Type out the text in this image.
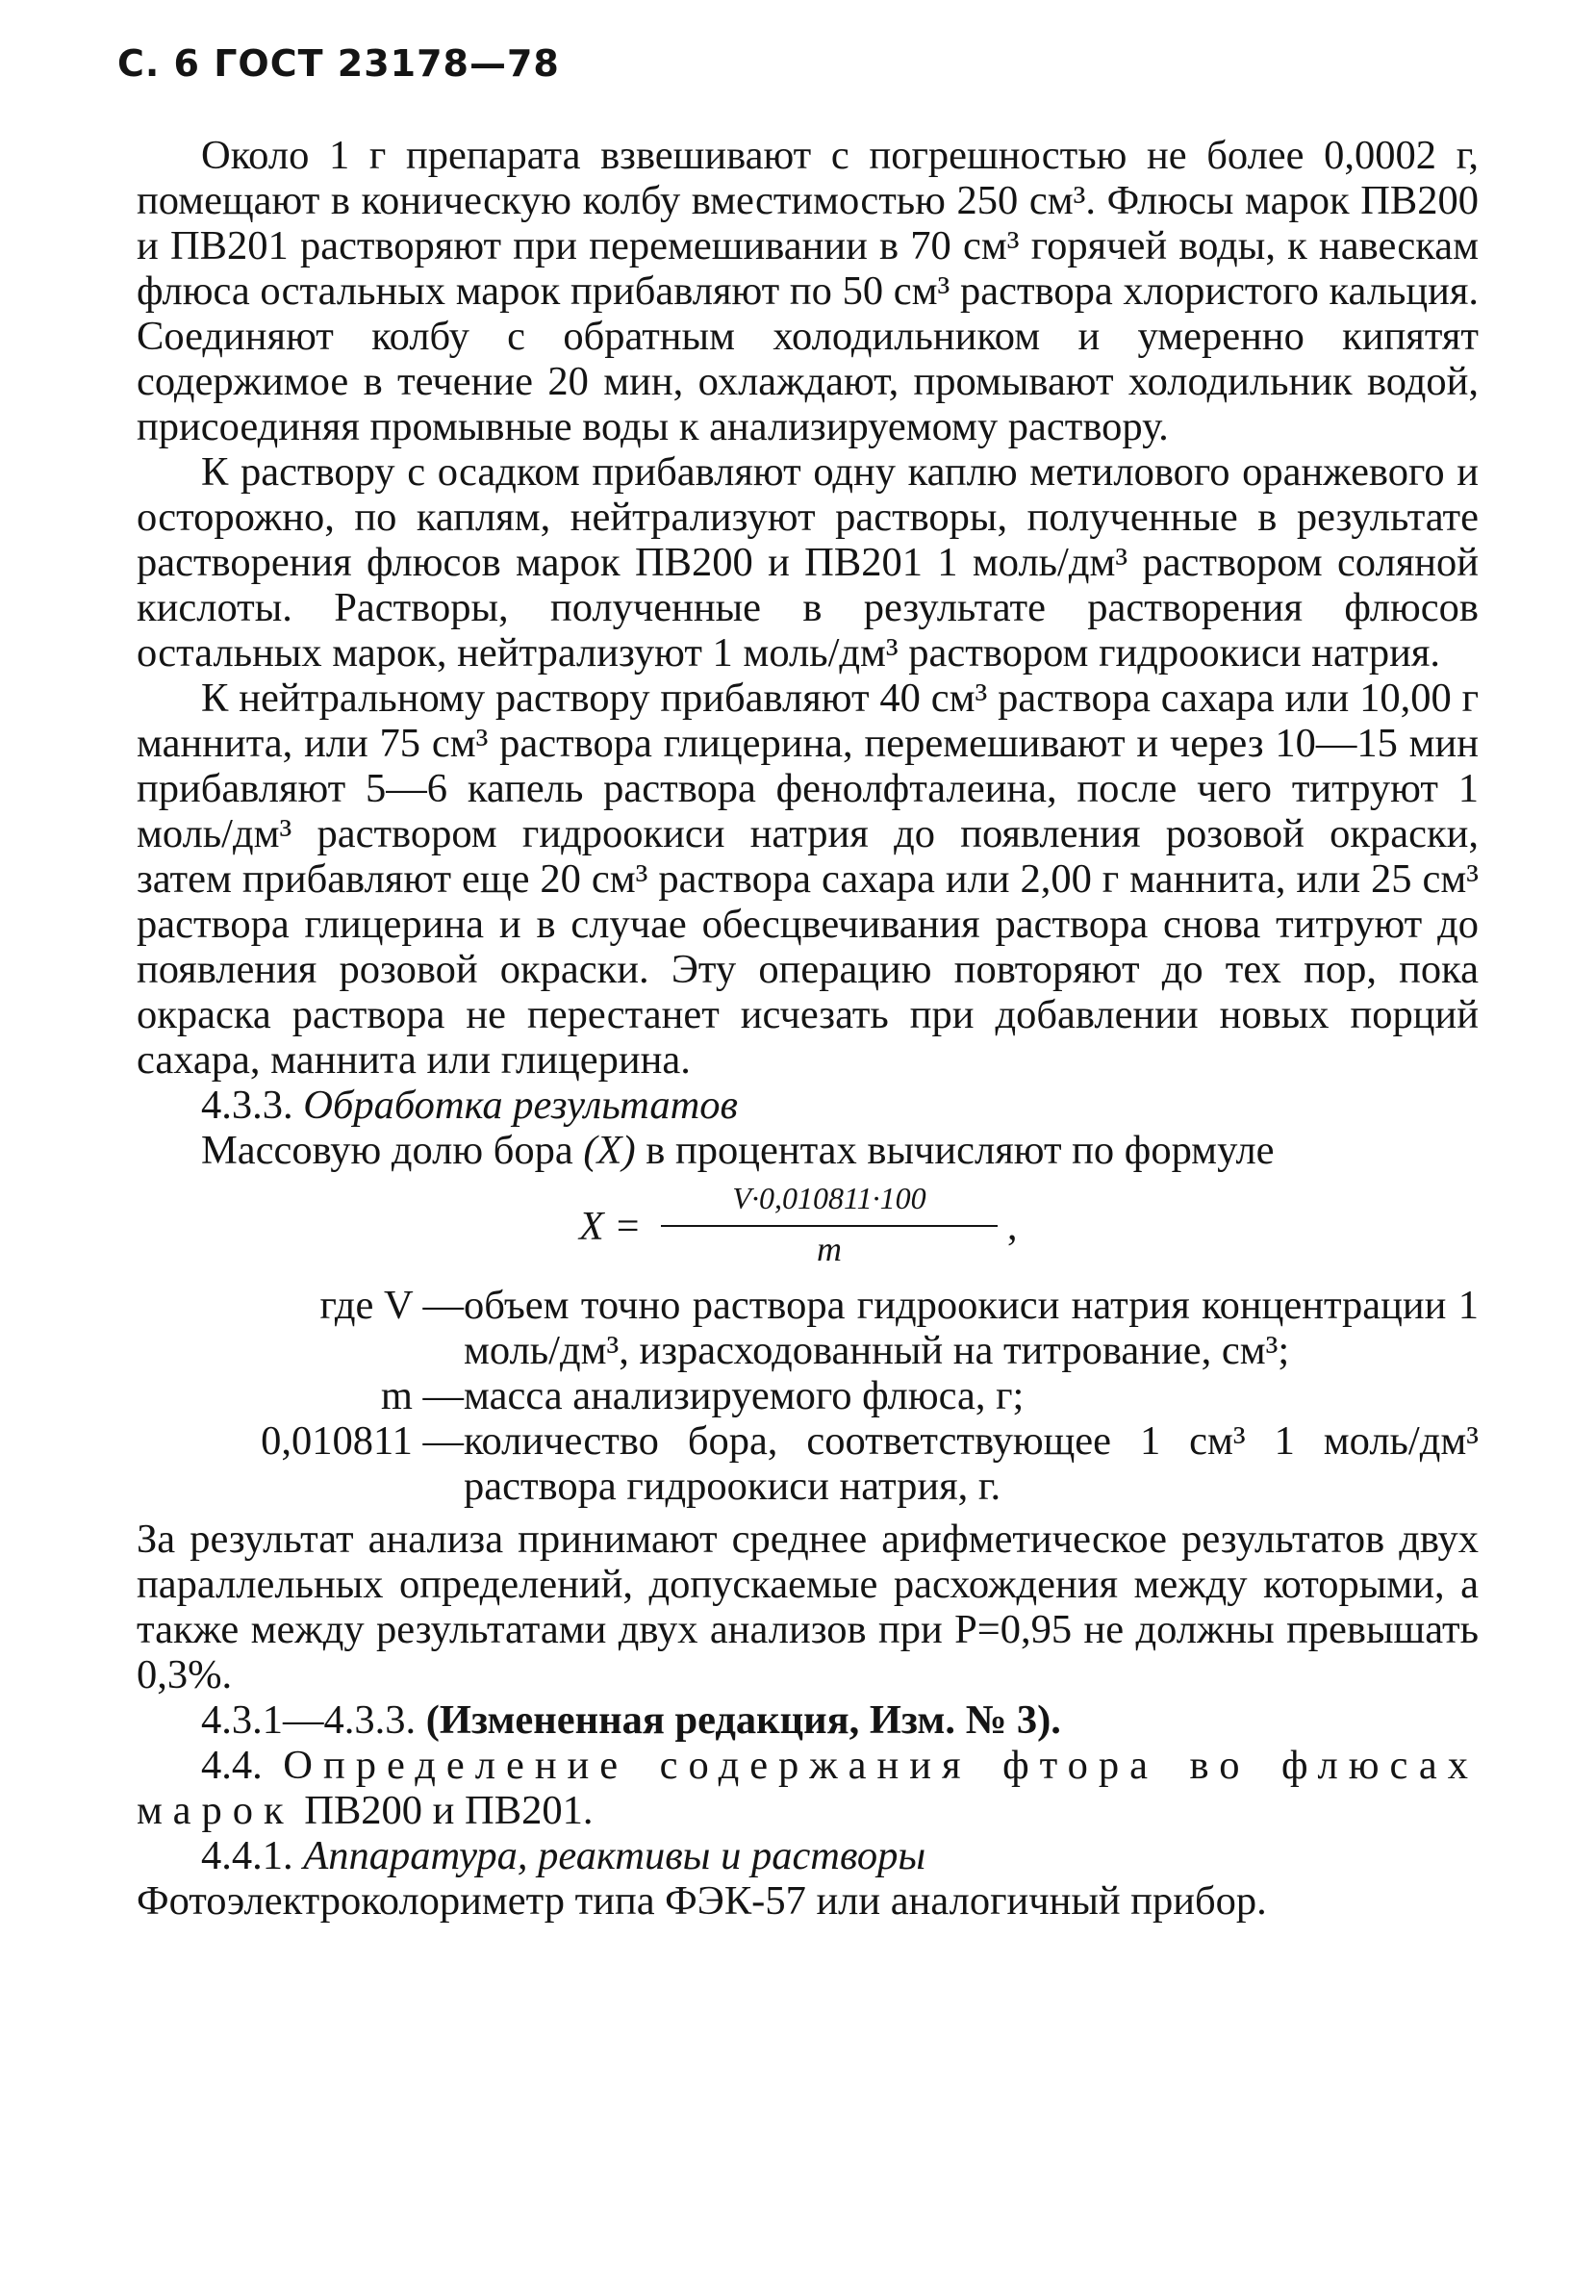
С. 6 ГОСТ 23178—78

Около 1 г препарата взвешивают с погрешностью не более 0,0002 г, помещают в коническую колбу вместимостью 250 см³. Флюсы марок ПВ200 и ПВ201 растворяют при перемешивании в 70 см³ горячей воды, к навескам флюса остальных марок прибавляют по 50 см³ раствора хлористого кальция. Соединяют колбу с обратным холодильником и умеренно кипятят содержимое в течение 20 мин, охлаждают, промывают холодильник водой, присоединяя промывные воды к анализируемому раствору.

К раствору с осадком прибавляют одну каплю метилового оранжевого и осторожно, по каплям, нейтрализуют растворы, полученные в результате растворения флюсов марок ПВ200 и ПВ201 1 моль/дм³ раствором соляной кислоты. Растворы, полученные в результате растворения флюсов остальных марок, нейтрализуют 1 моль/дм³ раствором гидроокиси натрия.

К нейтральному раствору прибавляют 40 см³ раствора сахара или 10,00 г маннита, или 75 см³ раствора глицерина, перемешивают и через 10—15 мин прибавляют 5—6 капель раствора фенолфталеина, после чего титруют 1 моль/дм³ раствором гидроокиси натрия до появления розовой окраски, затем прибавляют еще 20 см³ раствора сахара или 2,00 г маннита, или 25 см³ раствора глицерина и в случае обесцвечивания раствора снова титруют до появления розовой окраски. Эту операцию повторяют до тех пор, пока окраска раствора не перестанет исчезать при добавлении новых порций сахара, маннита или глицерина.

4.3.3. Обработка результатов

Массовую долю бора (X) в процентах вычисляют по формуле

X =
V·0,010811·100
m	,
где V —	объем точно раствора гидроокиси натрия концентрации 1 моль/дм³, израсходованный на титрование, см³;
m —	масса анализируемого флюса, г;
0,010811 —	количество бора, соответствующее 1 см³ 1 моль/дм³ раствора гидроокиси натрия, г.

За результат анализа принимают среднее арифметическое результатов двух параллельных определений, допускаемые расхождения между которыми, а также между результатами двух анализов при P=0,95 не должны превышать 0,3%.

4.3.1—4.3.3. (Измененная редакция, Изм. № 3).

4.4. Определение содержания фтора во флюсах марок ПВ200 и ПВ201.

4.4.1. Аппаратура, реактивы и растворы

Фотоэлектроколориметр типа ФЭК-57 или аналогичный прибор.
